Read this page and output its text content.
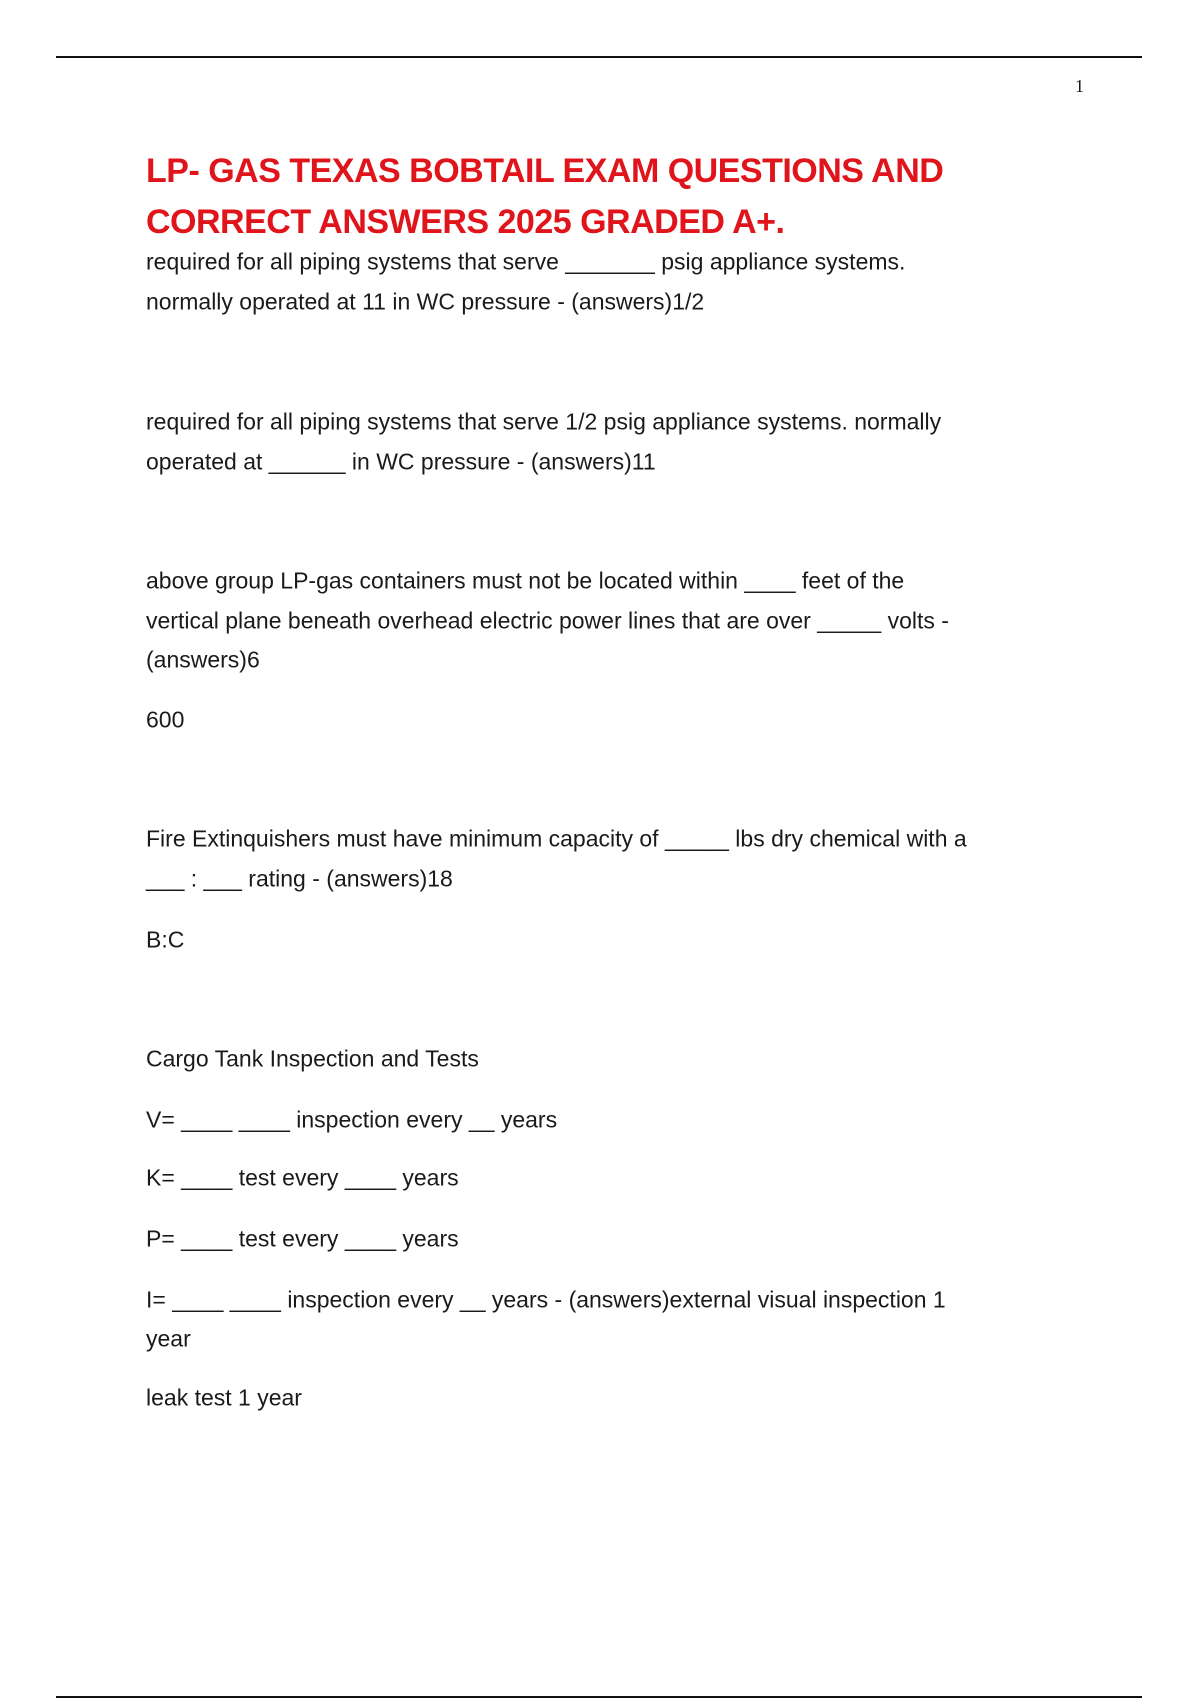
1
LP- GAS TEXAS BOBTAIL EXAM QUESTIONS AND
CORRECT ANSWERS 2025 GRADED A+.
required for all piping systems that serve _______ psig appliance systems.
normally operated at 11 in WC pressure - (answers)1/2
required for all piping systems that serve 1/2 psig appliance systems. normally
operated at ______ in WC pressure - (answers)11
above group LP-gas containers must not be located within ____ feet of the
vertical plane beneath overhead electric power lines that are over _____ volts -
(answers)6
600
Fire Extinquishers must have minimum capacity of _____ lbs dry chemical with a
___ : ___ rating - (answers)18
B:C
Cargo Tank Inspection and Tests
V= ____ ____ inspection every __ years
K= ____ test every ____ years
P= ____ test every ____ years
I= ____ ____ inspection every __ years - (answers)external visual inspection 1
year
leak test 1 year
